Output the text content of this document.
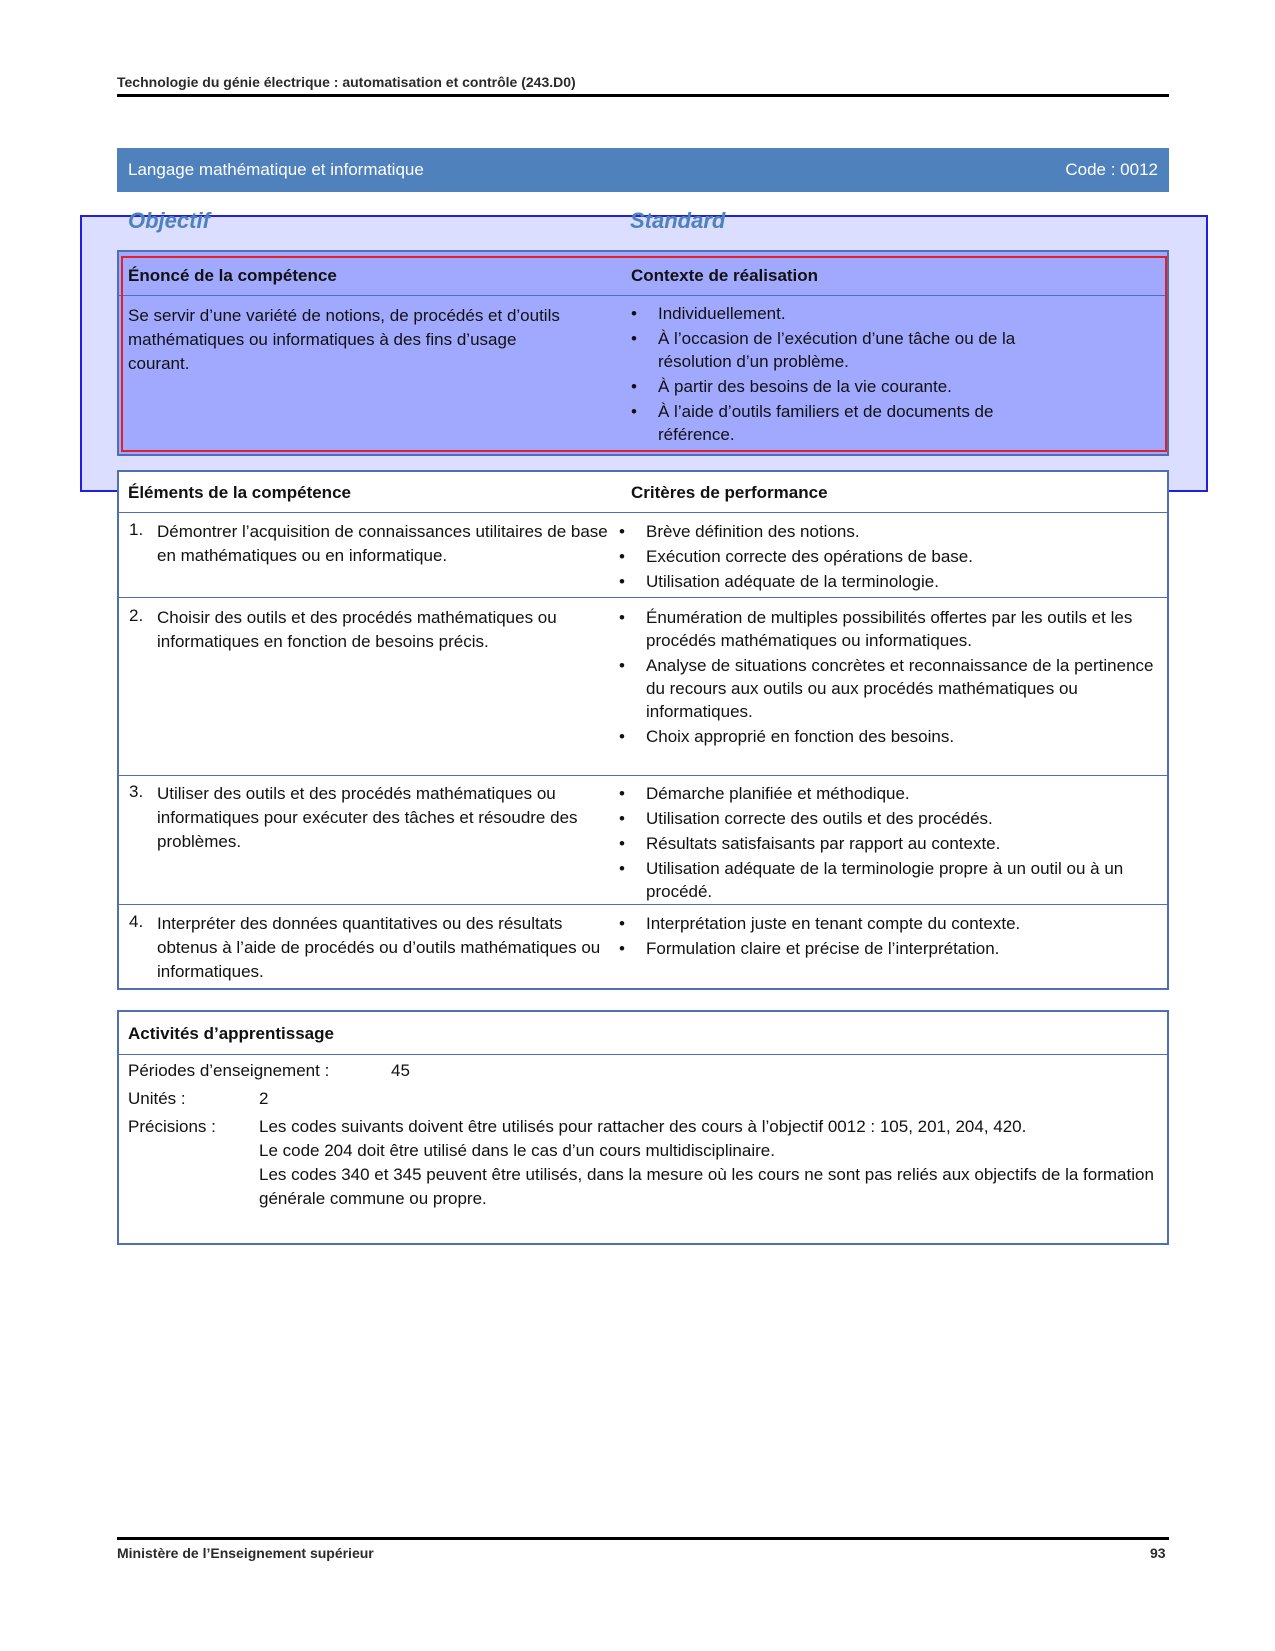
Technologie du génie électrique : automatisation et contrôle (243.D0)
Langage mathématique et informatique	Code : 0012
Objectif	Standard
Énoncé de la compétence	Contexte de réalisation
Se servir d’une variété de notions, de procédés et d’outils mathématiques ou informatiques à des fins d’usage courant.
• Individuellement.
• À l’occasion de l’exécution d’une tâche ou de la résolution d’un problème.
• À partir des besoins de la vie courante.
• À l’aide d’outils familiers et de documents de référence.
Éléments de la compétence	Critères de performance
1. Démontrer l’acquisition de connaissances utilitaires de base en mathématiques ou en informatique.
• Brève définition des notions.
• Exécution correcte des opérations de base.
• Utilisation adéquate de la terminologie.
2. Choisir des outils et des procédés mathématiques ou informatiques en fonction de besoins précis.
• Énumération de multiples possibilités offertes par les outils et les procédés mathématiques ou informatiques.
• Analyse de situations concrètes et reconnaissance de la pertinence du recours aux outils ou aux procédés mathématiques ou informatiques.
• Choix approprié en fonction des besoins.
3. Utiliser des outils et des procédés mathématiques ou informatiques pour exécuter des tâches et résoudre des problèmes.
• Démarche planifiée et méthodique.
• Utilisation correcte des outils et des procédés.
• Résultats satisfaisants par rapport au contexte.
• Utilisation adéquate de la terminologie propre à un outil ou à un procédé.
4. Interpréter des données quantitatives ou des résultats obtenus à l’aide de procédés ou d’outils mathématiques ou informatiques.
• Interprétation juste en tenant compte du contexte.
• Formulation claire et précise de l’interprétation.
Activités d’apprentissage
Périodes d’enseignement :	45
Unités :	2
Précisions :	Les codes suivants doivent être utilisés pour rattacher des cours à l’objectif 0012 : 105, 201, 204, 420.
Le code 204 doit être utilisé dans le cas d’un cours multidisciplinaire.
Les codes 340 et 345 peuvent être utilisés, dans la mesure où les cours ne sont pas reliés aux objectifs de la formation générale commune ou propre.
Ministère de l’Enseignement supérieur	93
